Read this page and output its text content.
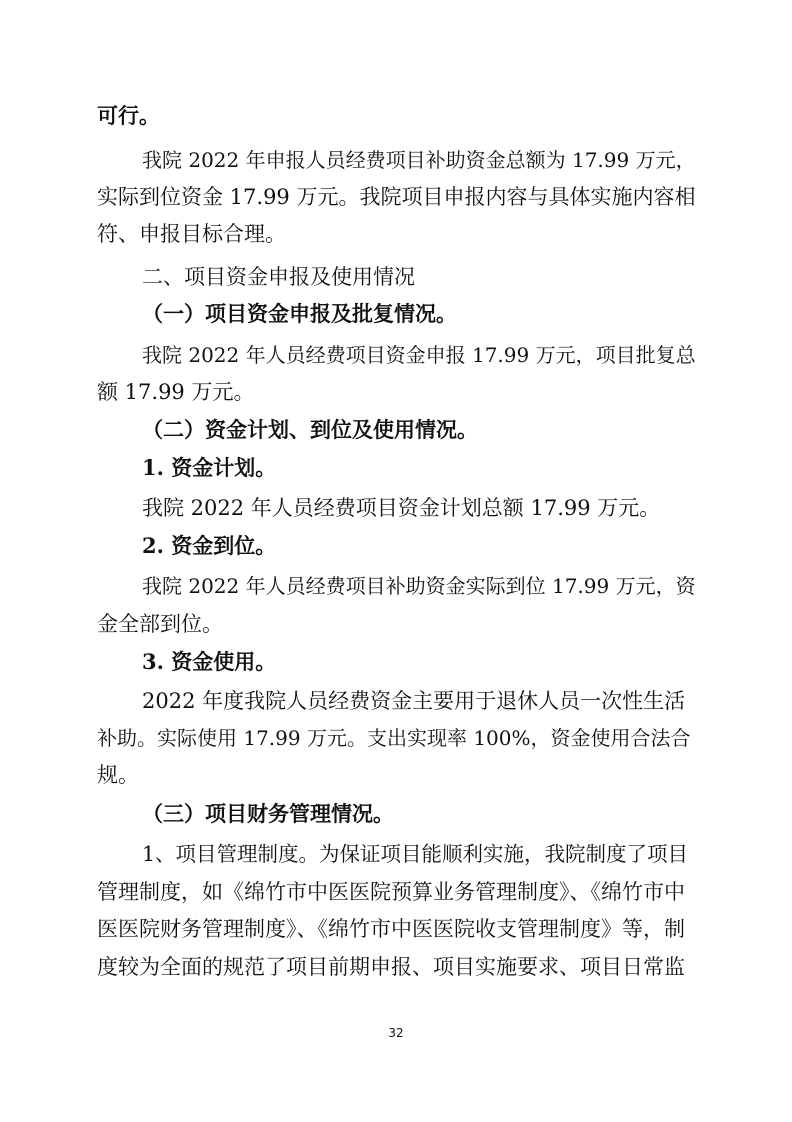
可行。
我院 2022 年申报人员经费项目补助资金总额为 17.99 万元，
实际到位资金 17.99 万元。我院项目申报内容与具体实施内容相
符、申报目标合理。
二、项目资金申报及使用情况
（一）项目资金申报及批复情况。
我院 2022 年人员经费项目资金申报 17.99 万元，项目批复总
额 17.99 万元。
（二）资金计划、到位及使用情况。
1. 资金计划。
我院 2022 年人员经费项目资金计划总额 17.99 万元。
2. 资金到位。
我院 2022 年人员经费项目补助资金实际到位 17.99 万元，资
金全部到位。
3. 资金使用。
2022 年度我院人员经费资金主要用于退休人员一次性生活
补助。实际使用 17.99 万元。支出实现率 100%，资金使用合法合
规。
（三）项目财务管理情况。
1、项目管理制度。为保证项目能顺利实施，我院制度了项目
管理制度，如《绵竹市中医医院预算业务管理制度》、《绵竹市中
医医院财务管理制度》、《绵竹市中医医院收支管理制度》等，制
度较为全面的规范了项目前期申报、项目实施要求、项目日常监
32
